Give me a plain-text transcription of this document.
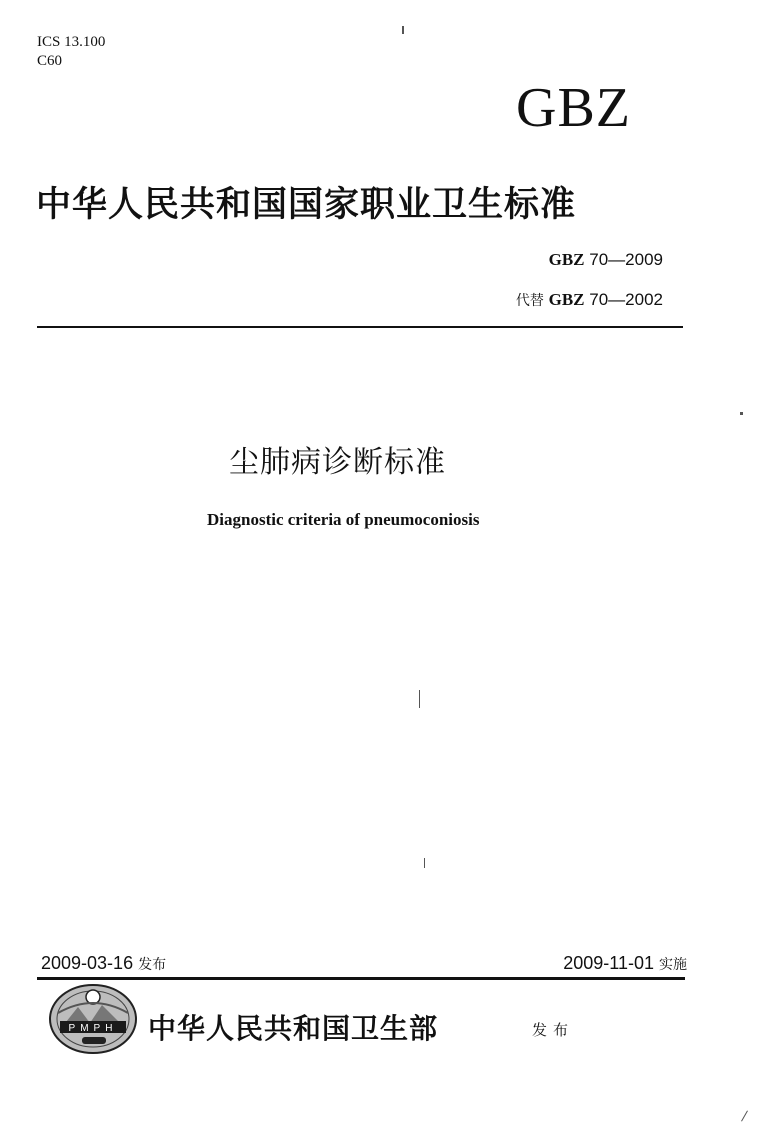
ICS 13.100
C60
GBZ
中华人民共和国国家职业卫生标准
GBZ 70—2009
代替 GBZ 70—2002
尘肺病诊断标准
Diagnostic criteria of pneumoconiosis
2009-03-16 发布	2009-11-01 实施
PMPH 中华人民共和国卫生部	发布
